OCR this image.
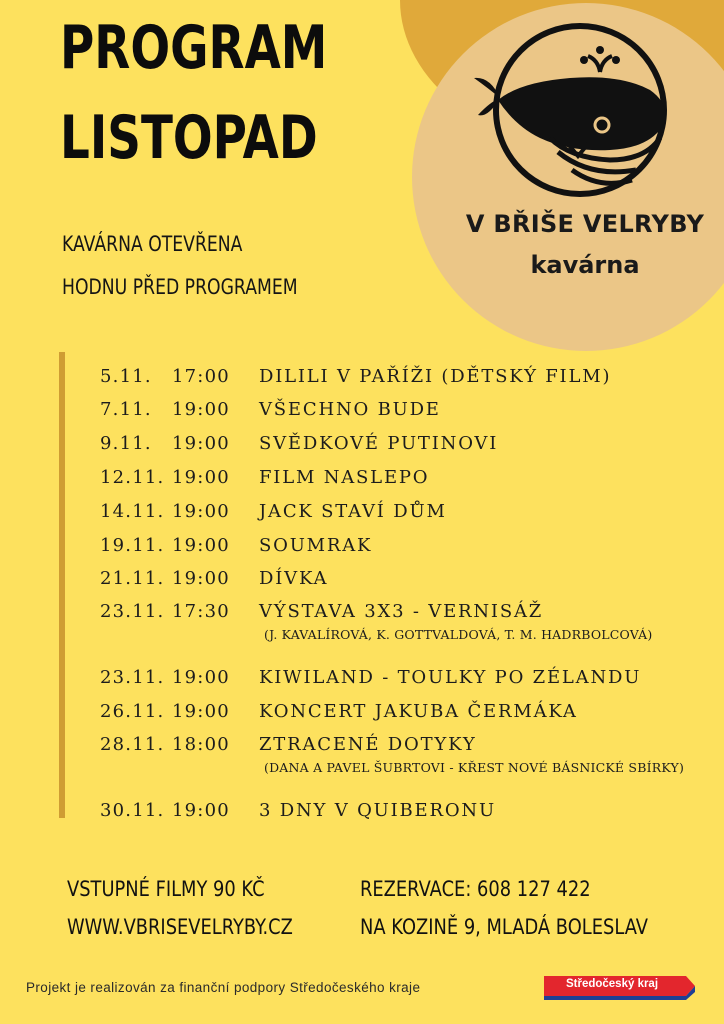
V BŘIŠE VELRYBY
kavárna
PROGRAM
LISTOPAD
KAVÁRNA OTEVŘENA
HODNU PŘED PROGRAMEM
5.11. 17:00 DILILI V PAŘÍŽI (DĚTSKÝ FILM)
7.11. 19:00 VŠECHNO BUDE
9.11. 19:00 SVĚDKOVÉ PUTINOVI
12.11. 19:00 FILM NASLEPO
14.11. 19:00 JACK STAVÍ DŮM
19.11. 19:00 SOUMRAK
21.11. 19:00 DÍVKA
23.11. 17:30 VÝSTAVA 3X3 - VERNISÁŽ
(J. KAVALÍROVÁ, K. GOTTVALDOVÁ, T. M. HADRBOLCOVÁ)
23.11. 19:00 KIWILAND - TOULKY PO ZÉLANDU
26.11. 19:00 KONCERT JAKUBA ČERMÁKA
28.11. 18:00 ZTRACENÉ DOTYKY
(DANA A PAVEL ŠUBRTOVI - KŘEST NOVÉ BÁSNICKÉ SBÍRKY)
30.11. 19:00 3 DNY V QUIBERONU
VSTUPNÉ FILMY 90 KČ
WWW.VBRISEVELRYBY.CZ
REZERVACE: 608 127 422
NA KOZINĚ 9, MLADÁ BOLESLAV
Projekt je realizován za finanční podpory Středočeského kraje	Středočeský kraj
